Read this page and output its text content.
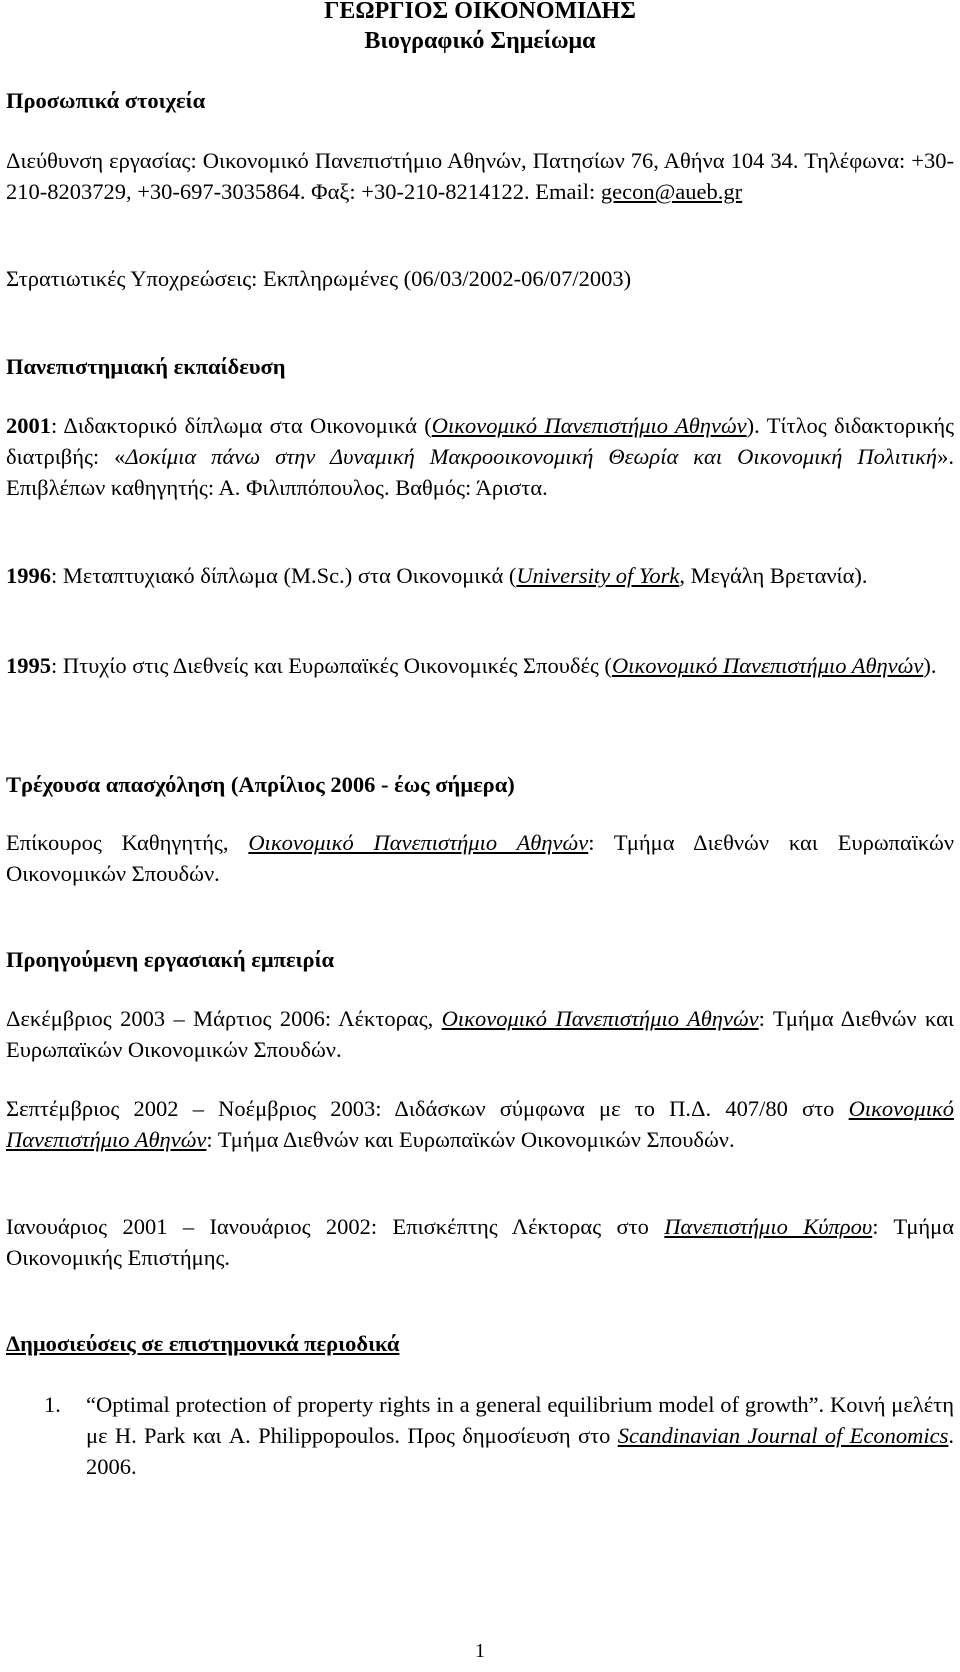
ΓΕΩΡΓΙΟΣ ΟΙΚΟΝΟΜΙΔΗΣ
Βιογραφικό Σημείωμα
Προσωπικά στοιχεία
Διεύθυνση εργασίας: Οικονομικό Πανεπιστήμιο Αθηνών, Πατησίων 76, Αθήνα 104 34. Τηλέφωνα: +30-210-8203729, +30-697-3035864. Φαξ: +30-210-8214122. Email: gecon@aueb.gr
Στρατιωτικές Υποχρεώσεις: Εκπληρωμένες (06/03/2002-06/07/2003)
Πανεπιστημιακή εκπαίδευση
2001: Διδακτορικό δίπλωμα στα Οικονομικά (Οικονομικό Πανεπιστήμιο Αθηνών). Τίτλος διδακτορικής διατριβής: «Δοκίμια πάνω στην Δυναμική Μακροοικονομική Θεωρία και Οικονομική Πολιτική». Επιβλέπων καθηγητής: Α. Φιλιππόπουλος. Βαθμός: Άριστα.
1996: Μεταπτυχιακό δίπλωμα (M.Sc.) στα Οικονομικά (University of York, Μεγάλη Βρετανία).
1995: Πτυχίο στις Διεθνείς και Ευρωπαϊκές Οικονομικές Σπουδές (Οικονομικό Πανεπιστήμιο Αθηνών).
Τρέχουσα απασχόληση (Απρίλιος 2006 - έως σήμερα)
Επίκουρος Καθηγητής, Οικονομικό Πανεπιστήμιο Αθηνών: Τμήμα Διεθνών και Ευρωπαϊκών Οικονομικών Σπουδών.
Προηγούμενη εργασιακή εμπειρία
Δεκέμβριος 2003 – Μάρτιος 2006: Λέκτορας, Οικονομικό Πανεπιστήμιο Αθηνών: Τμήμα Διεθνών και Ευρωπαϊκών Οικονομικών Σπουδών.
Σεπτέμβριος 2002 – Νοέμβριος 2003: Διδάσκων σύμφωνα με το Π.Δ. 407/80 στο Οικονομικό Πανεπιστήμιο Αθηνών: Τμήμα Διεθνών και Ευρωπαϊκών Οικονομικών Σπουδών.
Ιανουάριος 2001 – Ιανουάριος 2002: Επισκέπτης Λέκτορας στο Πανεπιστήμιο Κύπρου: Τμήμα Οικονομικής Επιστήμης.
Δημοσιεύσεις σε επιστημονικά περιοδικά
1. “Optimal protection of property rights in a general equilibrium model of growth”. Κοινή μελέτη με H. Park και A. Philippopoulos. Προς δημοσίευση στο Scandinavian Journal of Economics. 2006.
1
